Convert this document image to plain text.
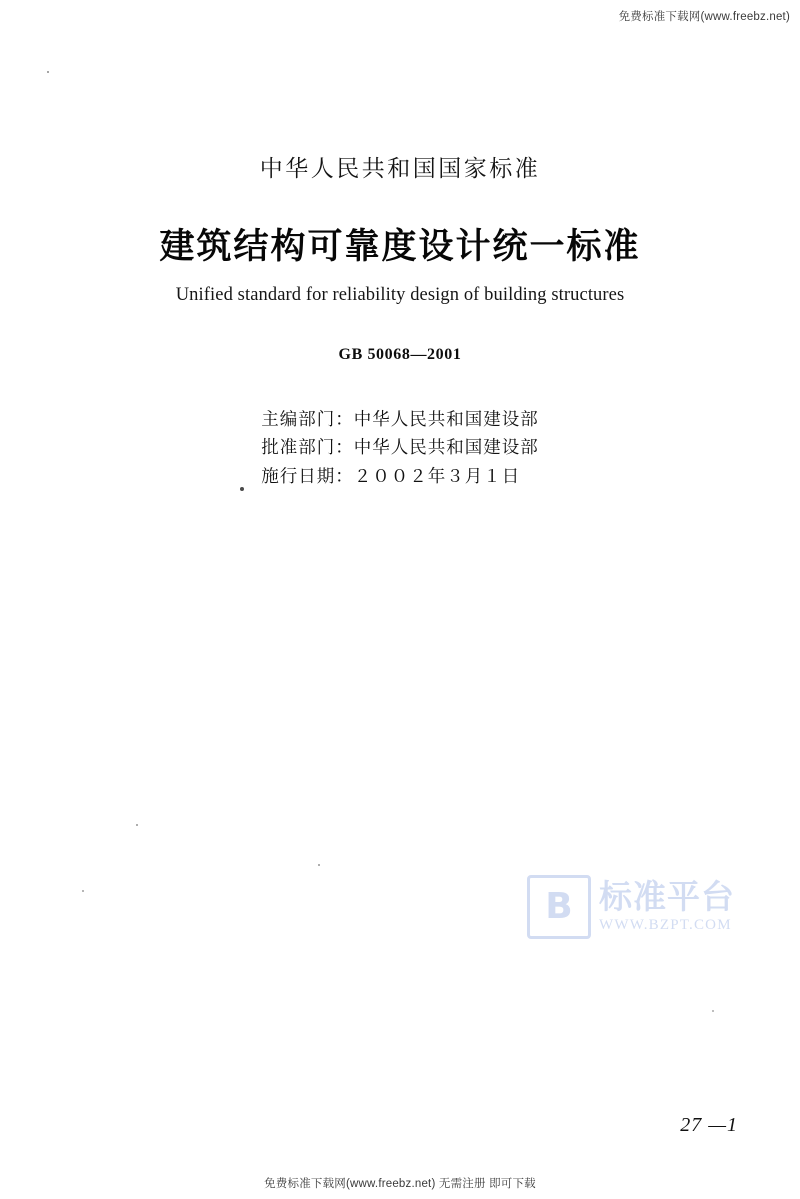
免费标准下载网(www.freebz.net)
中华人民共和国国家标准
建筑结构可靠度设计统一标准
Unified standard for reliability design of building structures
GB 50068—2001
主编部门：中华人民共和国建设部
批准部门：中华人民共和国建设部
施行日期：２００２年３月１日
B 标准平台
WWW.BZPT.COM
27 —1
免费标准下载网(www.freebz.net) 无需注册 即可下载
